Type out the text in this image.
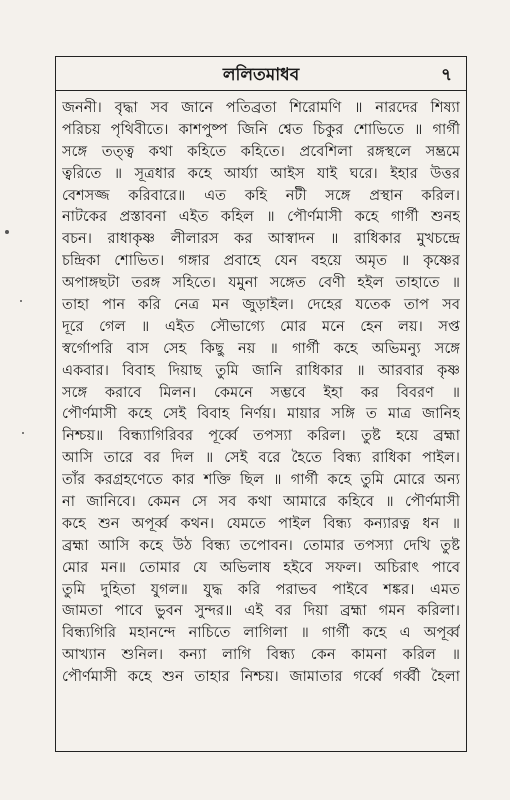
ললিতমাধব	৭
জননী। বৃদ্ধা সব জানে পতিব্রতা শিরোমণি ॥ নারদের শিষ্যা
পরিচয় পৃথিবীতে। কাশপুষ্প জিনি শ্বেত চিকুর শোভিতে ॥ গার্গী
সঙ্গে তত্ত্ব কথা কহিতে কহিতে। প্রবেশিলা রঙ্গস্থলে সম্ভ্রমে
ত্বরিতে ॥ সূত্রধার কহে আর্য্যা আইস যাই ঘরে। ইহার উত্তর
বেশসজ্জ করিবারে॥ এত কহি নটী সঙ্গে প্রস্থান করিল।
নাটকের প্রস্তাবনা এইত কহিল ॥ পৌর্ণমাসী কহে গার্গী শুনহ
বচন। রাধাকৃষ্ণ লীলারস কর আস্বাদন ॥ রাধিকার মুখচন্দ্রে
চন্দ্রিকা শোভিত। গঙ্গার প্রবাহে যেন বহয়ে অমৃত ॥ কৃষ্ণের
অপাঙ্গছটা তরঙ্গ সহিতে। যমুনা সঙ্গেত বেণী হইল তাহাতে ॥
তাহা পান করি নেত্র মন জুড়াইল। দেহের যতেক তাপ সব
দূরে গেল ॥ এইত সৌভাগ্যে মোর মনে হেন লয়। সপ্ত
স্বর্গোপরি বাস সেহ কিছু নয় ॥ গার্গী কহে অভিমন্যু সঙ্গে
একবার। বিবাহ দিয়াছ তুমি জানি রাধিকার ॥ আরবার কৃষ্ণ
সঙ্গে করাবে মিলন। কেমনে সম্ভবে ইহা কর বিবরণ ॥
পৌর্ণমাসী কহে সেই বিবাহ নির্ণয়। মায়ার সঙ্গি ত মাত্র জানিহ
নিশ্চয়॥ বিন্ধ্যাগিরিবর পূর্ব্বে তপস্যা করিল। তুষ্ট হয়ে ব্রহ্মা
আসি তারে বর দিল ॥ সেই বরে হৈতে বিন্ধ্য রাধিকা পাইল।
তাঁর করগ্রহণেতে কার শক্তি ছিল ॥ গার্গী কহে তুমি মোরে অন্য
না জানিবে। কেমন সে সব কথা আমারে কহিবে ॥ পৌর্ণমাসী
কহে শুন অপূর্ব্ব কথন। যেমতে পাইল বিন্ধ্য কন্যারত্ন ধন ॥
ব্রহ্মা আসি কহে উঠ বিন্ধ্য তপোবন। তোমার তপস্যা দেখি তুষ্ট
মোর মন॥ তোমার যে অভিলাষ হইবে সফল। অচিরাৎ পাবে
তুমি দুহিতা যুগল॥ যুদ্ধ করি পরাভব পাইবে শঙ্কর। এমত
জামতা পাবে ভুবন সুন্দর॥ এই বর দিয়া ব্রহ্মা গমন করিলা।
বিন্ধ্যগিরি মহানন্দে নাচিতে লাগিলা ॥ গার্গী কহে এ অপূর্ব্ব
আখ্যান শুনিল। কন্যা লাগি বিন্ধ্য কেন কামনা করিল ॥
পৌর্ণমাসী কহে শুন তাহার নিশ্চয়। জামাতার গর্ব্বে গর্ব্বী হৈলা
